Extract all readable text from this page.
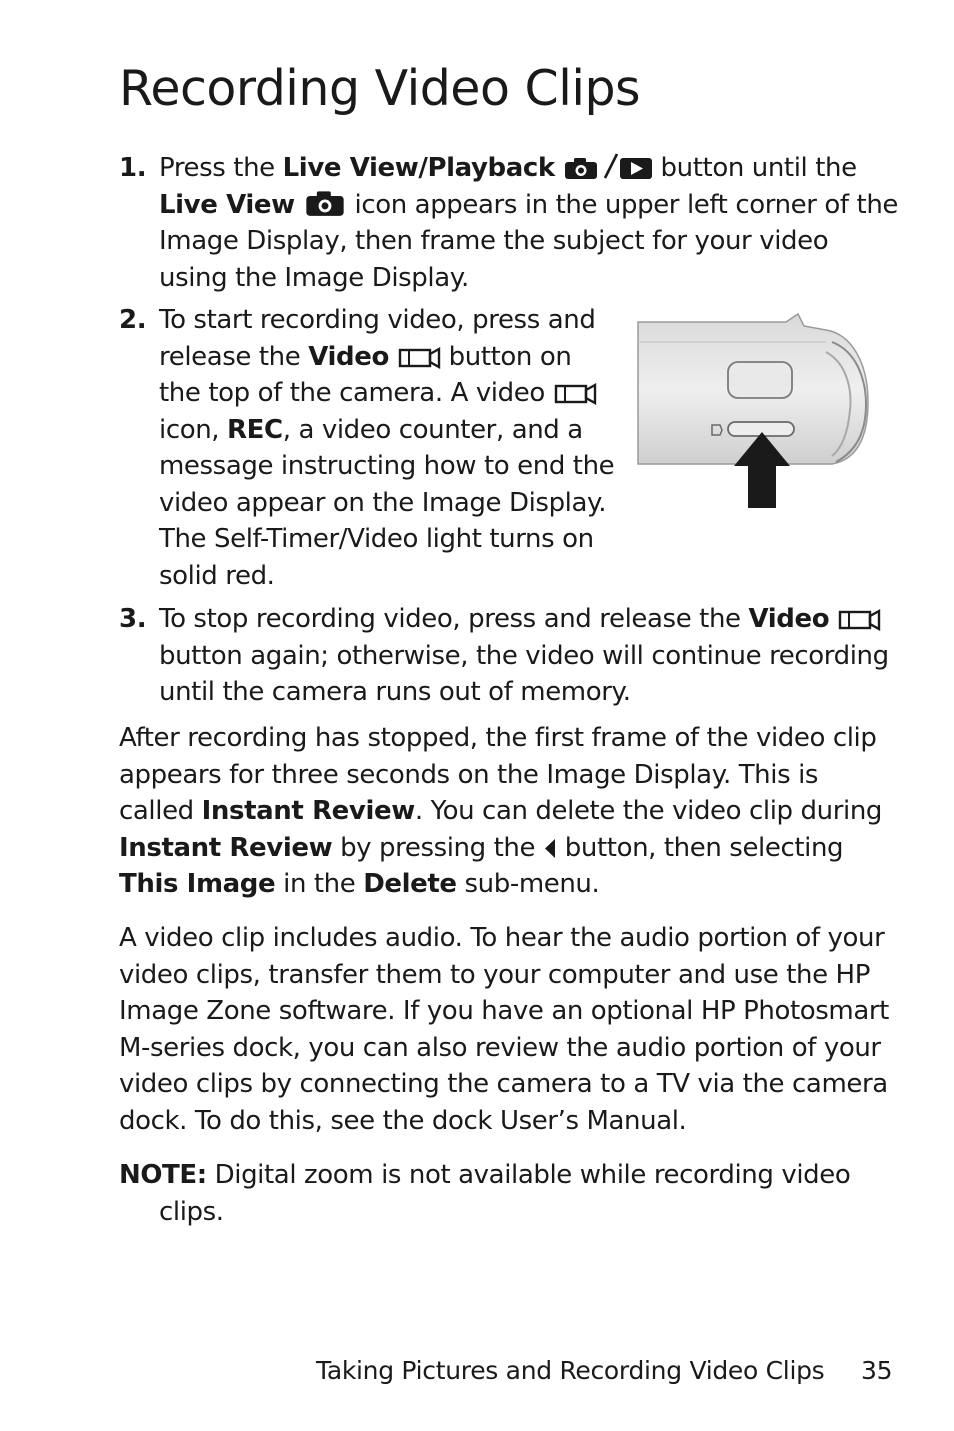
Recording Video Clips
1. Press the Live View/Playback	button until the Live View  icon appears in the upper left corner of the Image Display, then frame the subject for your video using the Image Display.
2. To start recording video, press and release the Video  button on the top of the camera. A video  icon, REC, a video counter, and a message instructing how to end the video appear on the Image Display. The Self-Timer/Video light turns on solid red.
3. To stop recording video, press and release the Video  button again; otherwise, the video will continue recording until the camera runs out of memory.

After recording has stopped, the first frame of the video clip appears for three seconds on the Image Display. This is called Instant Review. You can delete the video clip during Instant Review by pressing the  button, then selecting This Image in the Delete sub-menu.

A video clip includes audio. To hear the audio portion of your video clips, transfer them to your computer and use the HP Image Zone software. If you have an optional HP Photosmart M-series dock, you can also review the audio portion of your video clips by connecting the camera to a TV via the camera dock. To do this, see the dock User’s Manual.

NOTE: Digital zoom is not available while recording video clips.
Taking Pictures and Recording Video Clips 35
